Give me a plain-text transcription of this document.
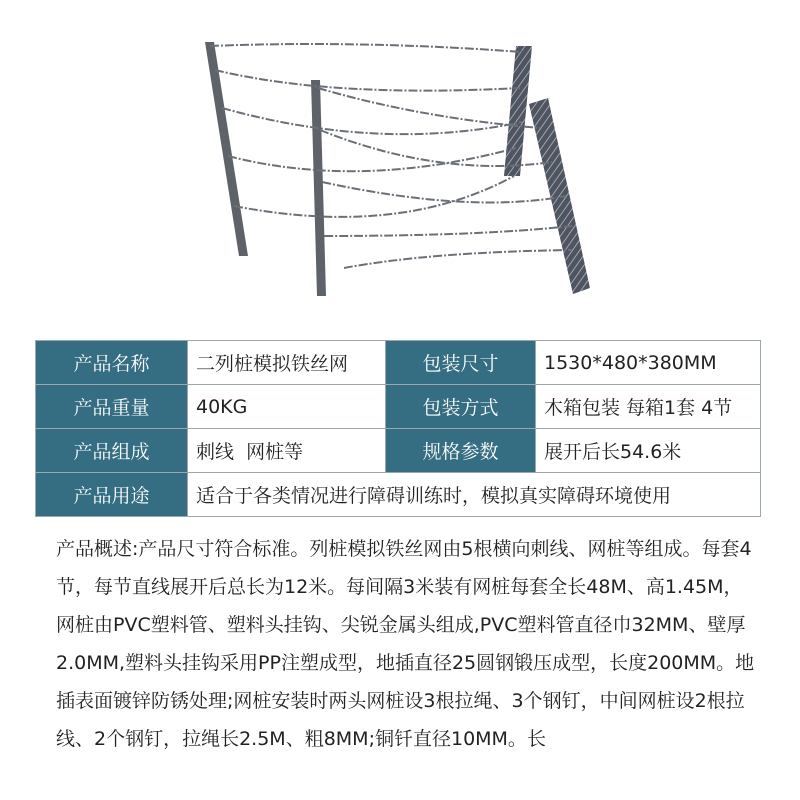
产品名称	二列桩模拟铁丝网	包装尺寸	1530*480*380MM
产品重量	40KG	包装方式	木箱包装 每箱1套 4节
产品组成	刺线  网桩等	规格参数	展开后长54.6米
产品用途	适合于各类情况进行障碍训练时，模拟真实障碍环境使用		
产品概述:产品尺寸符合标准。列桩模拟铁丝网由5根横向刺线、网桩等组成。每套4节，每节直线展开后总长为12米。每间隔3米装有网桩每套全长48M、高1.45M，网桩由PVC塑料管、塑料头挂钩、尖锐金属头组成,PVC塑料管直径巾32MM、壁厚2.0MM,塑料头挂钩采用PP注塑成型，地插直径25圆钢锻压成型，长度200MM。地插表面镀锌防锈处理;网桩安装时两头网桩设3根拉绳、3个钢钉，中间网桩设2根拉线、2个钢钉，拉绳长2.5M、粗8MM;铜钎直径10MM。长
